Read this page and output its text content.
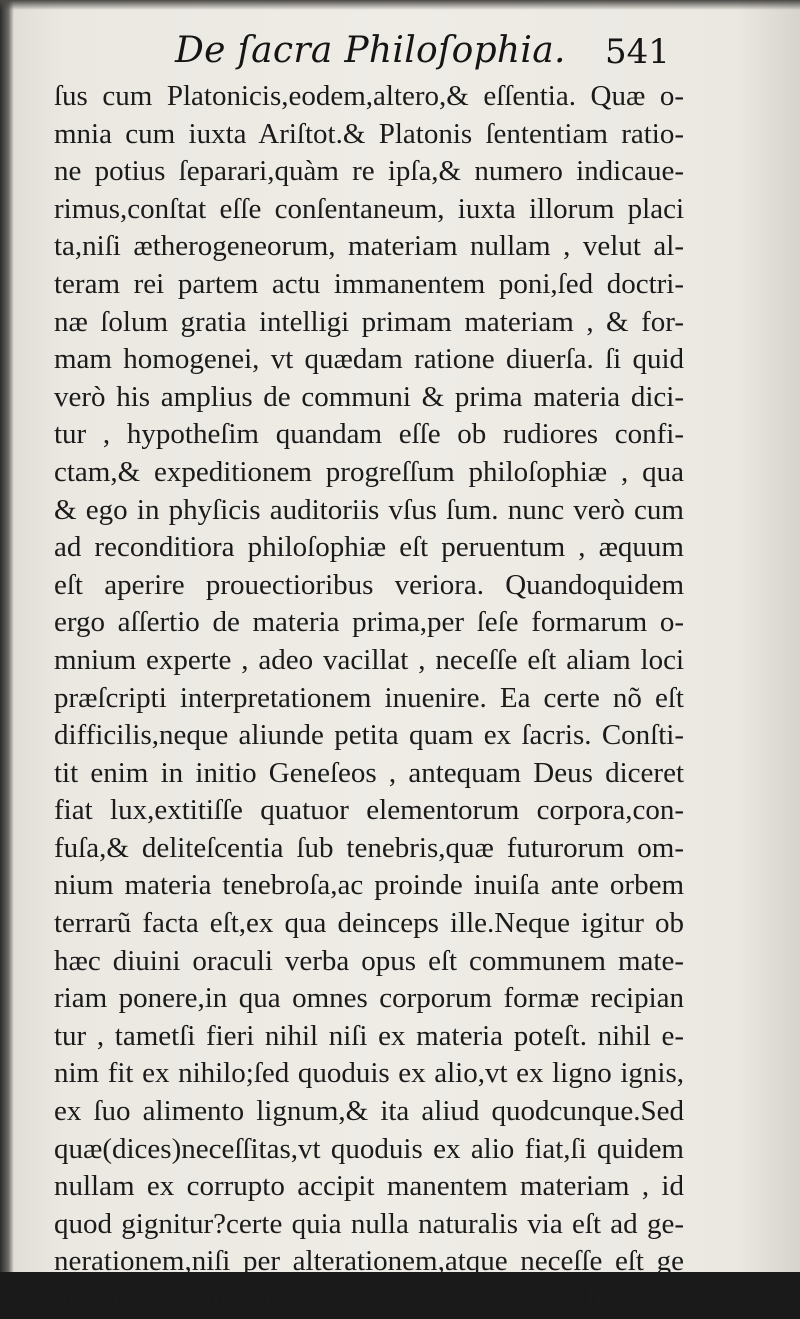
De ſacra Philoſophia. 541
ſus cum Platonicis,eodem,altero,& eſſentia. Quæ o-
mnia cum iuxta Ariſtot.& Platonis ſententiam ratio-
ne potius ſeparari,quàm re ipſa,& numero indicaue-
rimus,conſtat eſſe conſentaneum, iuxta illorum placi
ta,niſi ætherogeneorum, materiam nullam , velut al-
teram rei partem actu immanentem poni,ſed doctri-
næ ſolum gratia intelligi primam materiam , & for-
mam homogenei, vt quædam ratione diuerſa. ſi quid
verò his amplius de communi & prima materia dici-
tur , hypotheſim quandam eſſe ob rudiores confi-
ctam,& expeditionem progreſſum philoſophiæ , qua
& ego in phyſicis auditoriis vſus ſum. nunc verò cum
ad reconditiora philoſophiæ eſt peruentum , æquum
eſt aperire prouectioribus veriora. Quandoquidem
ergo aſſertio de materia prima,per ſeſe formarum o-
mnium experte , adeo vacillat , neceſſe eſt aliam loci
præſcripti interpretationem inuenire. Ea certe nõ eſt
difficilis,neque aliunde petita quam ex ſacris. Conſti-
tit enim in initio Geneſeos , antequam Deus diceret
fiat lux,extitiſſe quatuor elementorum corpora,con-
fuſa,& deliteſcentia ſub tenebris,quæ futurorum om-
nium materia tenebroſa,ac proinde inuiſa ante orbem
terrarũ facta eſt,ex qua deinceps ille.Neque igitur ob
hæc diuini oraculi verba opus eſt communem mate-
riam ponere,in qua omnes corporum formæ recipian
tur , tametſi fieri nihil niſi ex materia poteſt. nihil e-
nim fit ex nihilo;ſed quoduis ex alio,vt ex ligno ignis,
ex ſuo alimento lignum,& ita aliud quodcunque.Sed
quæ(dices)neceſſitas,vt quoduis ex alio fiat,ſi quidem
nullam ex corrupto accipit manentem materiam , id
quod gignitur?certe quia nulla naturalis via eſt ad ge-
nerationem,niſi per alterationem,atque neceſſe eſt ge
nerationem alteratio præcedat, alteratio verò alicuius
